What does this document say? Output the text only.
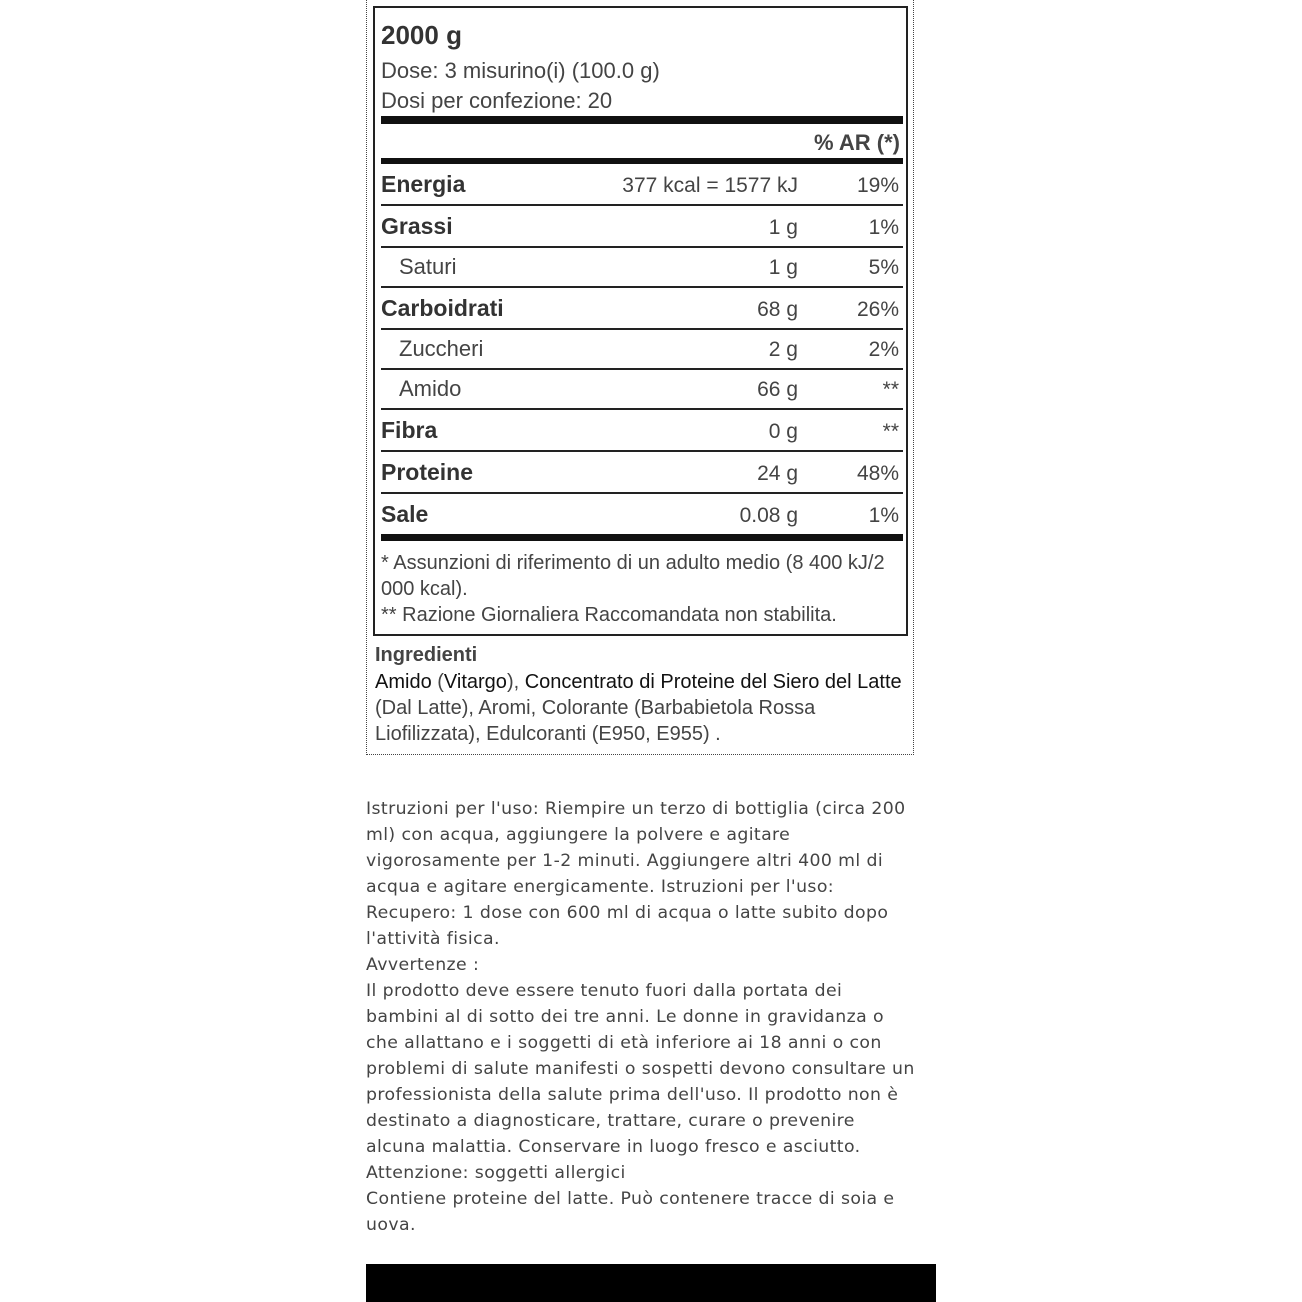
2000 g
Dose: 3 misurino(i) (100.0 g)
Dosi per confezione: 20
% AR (*)
Energia	377 kcal = 1577 kJ	19%
Grassi	1 g	1%
Saturi	1 g	5%
Carboidrati	68 g	26%
Zuccheri	2 g	2%
Amido	66 g	**
Fibra	0 g	**
Proteine	24 g	48%
Sale	0.08 g	1%
* Assunzioni di riferimento di un adulto medio (8 400 kJ/2 000 kcal).
** Razione Giornaliera Raccomandata non stabilita.
Ingredienti
Amido (Vitargo), Concentrato di Proteine del Siero del Latte (Dal Latte), Aromi, Colorante (Barbabietola Rossa Liofilizzata), Edulcoranti (E950, E955) .

Istruzioni per l'uso: Riempire un terzo di bottiglia (circa 200 ml) con acqua, aggiungere la polvere e agitare vigorosamente per 1-2 minuti. Aggiungere altri 400 ml di acqua e agitare energicamente. Istruzioni per l'uso: Recupero: 1 dose con 600 ml di acqua o latte subito dopo l'attività fisica.

Avvertenze :

Il prodotto deve essere tenuto fuori dalla portata dei bambini al di sotto dei tre anni. Le donne in gravidanza o che allattano e i soggetti di età inferiore ai 18 anni o con problemi di salute manifesti o sospetti devono consultare un professionista della salute prima dell'uso. Il prodotto non è destinato a diagnosticare, trattare, curare o prevenire alcuna malattia. Conservare in luogo fresco e asciutto.

Attenzione: soggetti allergici

Contiene proteine del latte. Può contenere tracce di soia e uova.
